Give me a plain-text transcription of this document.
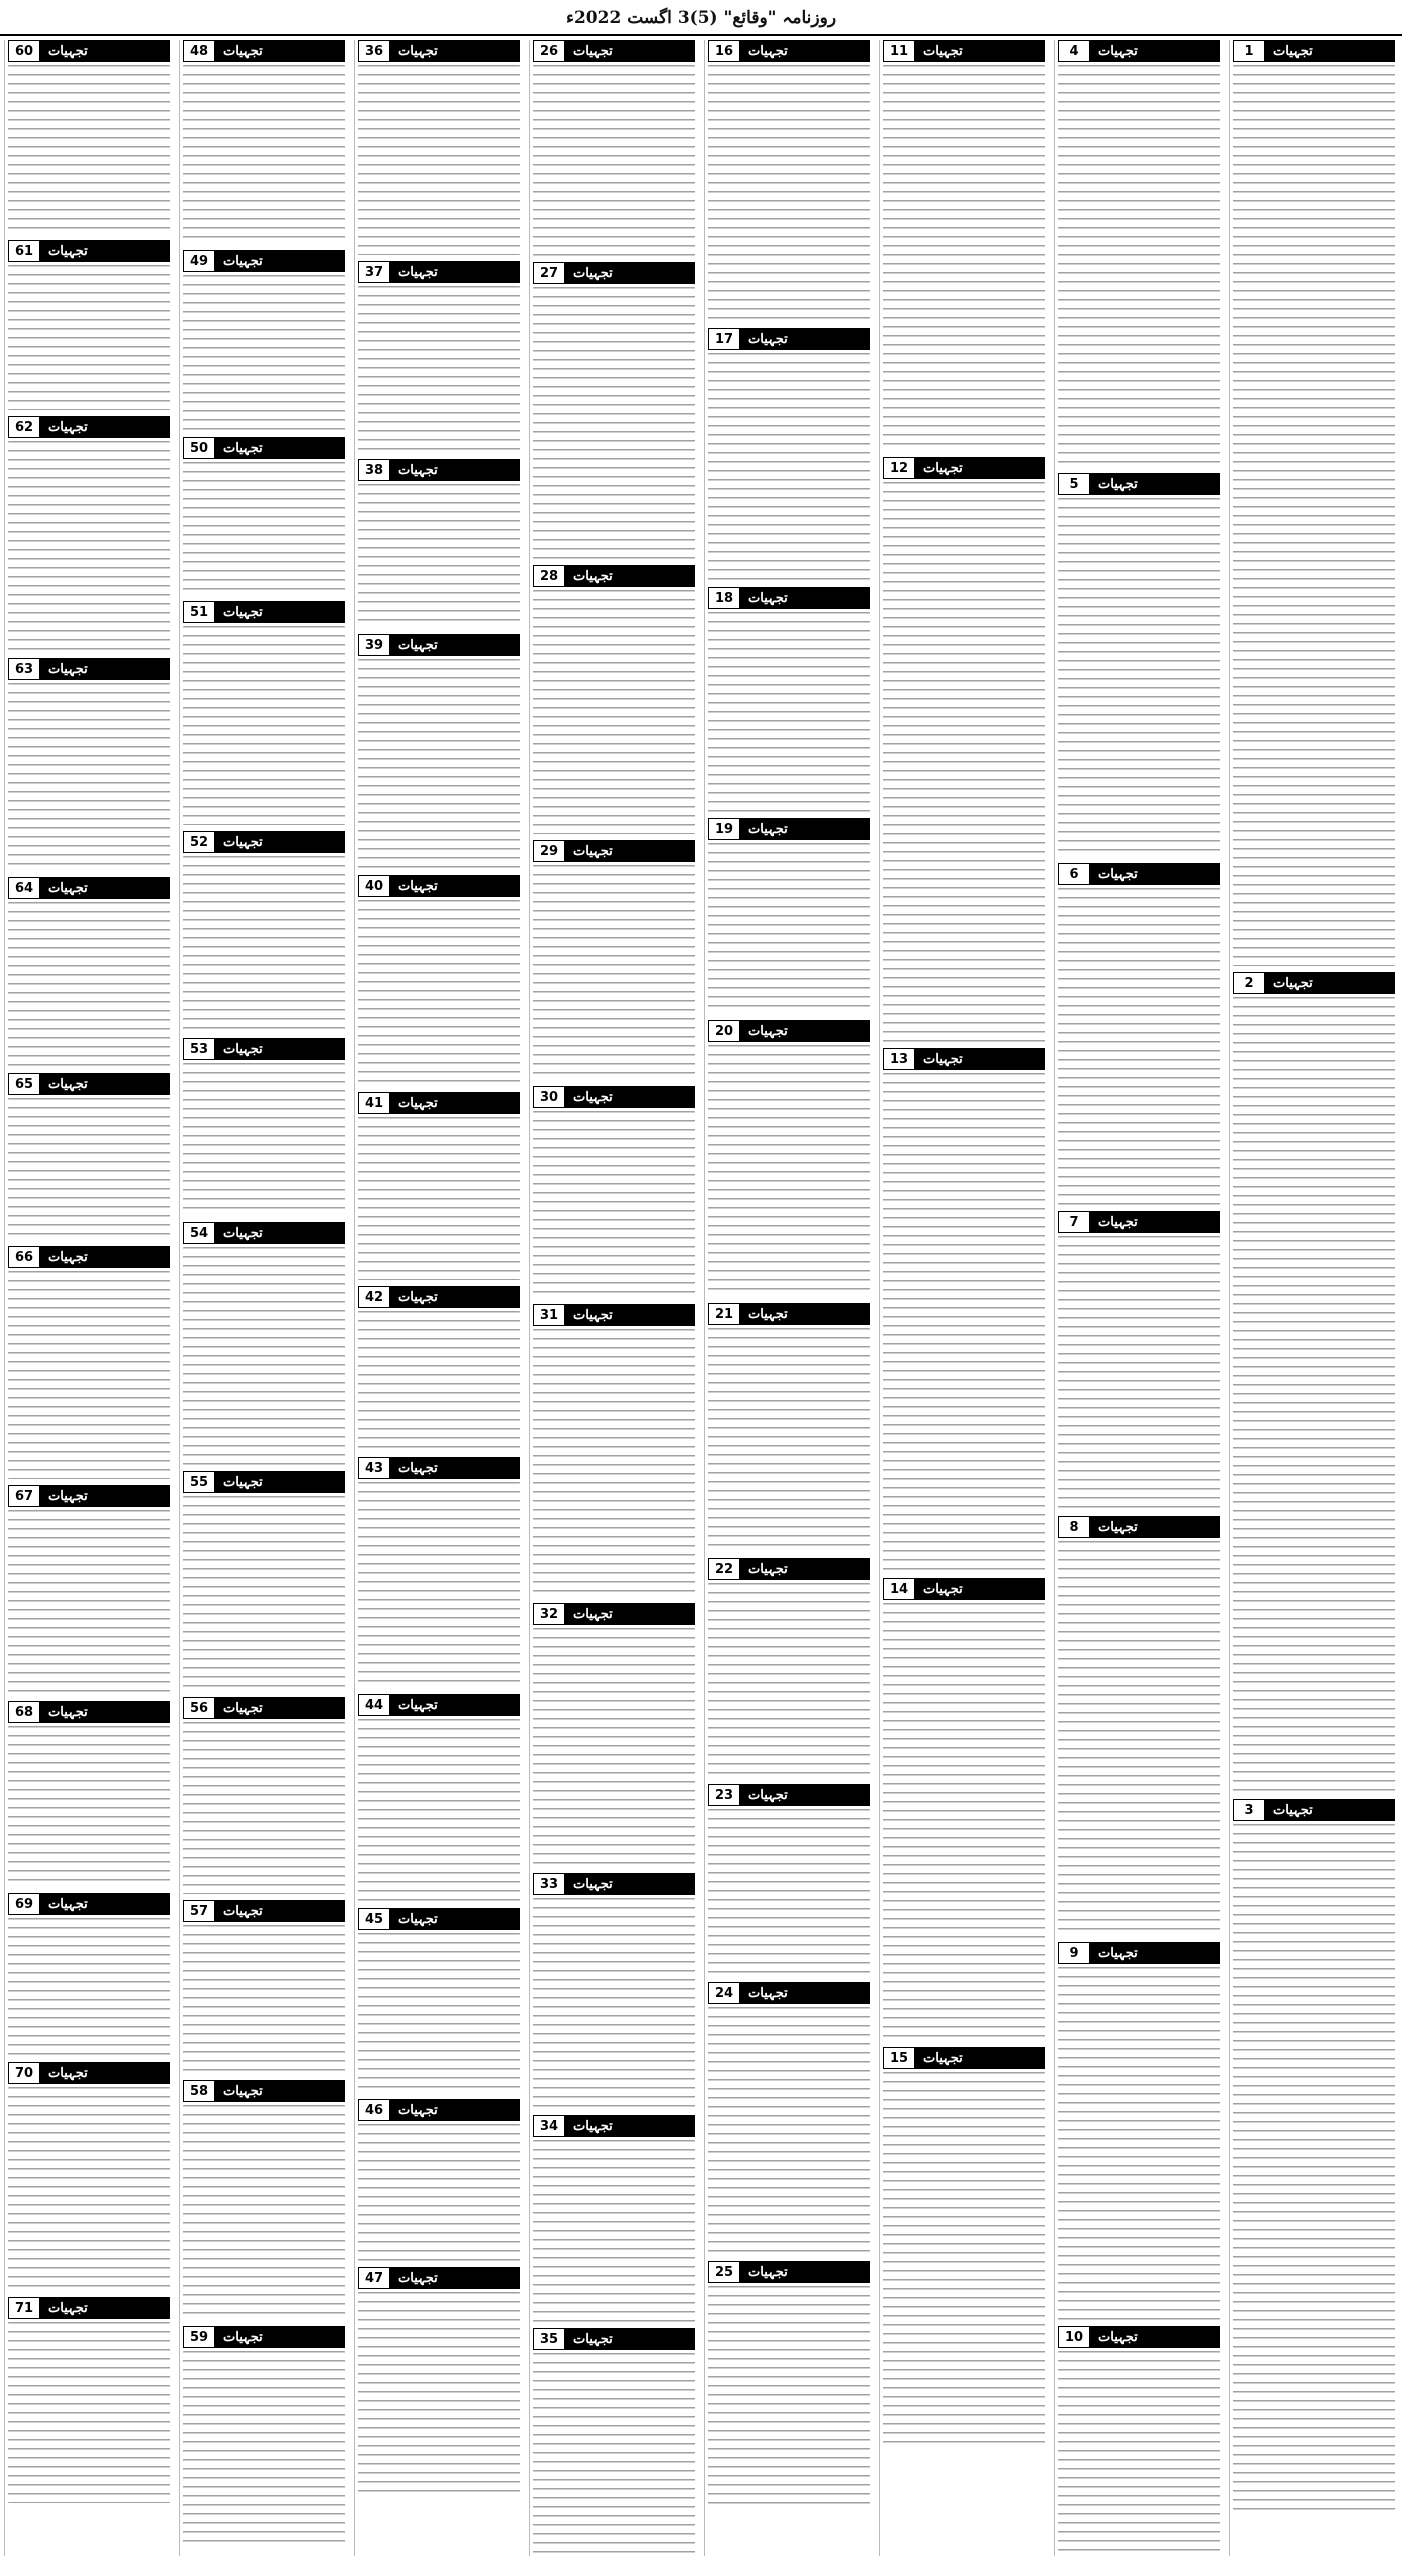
روزنامہ "وقائع" (5)3 اگست 2022ء
1	تجہیات
2	تجہیات
3	تجہیات
4	تجہیات
5	تجہیات
6	تجہیات
7	تجہیات
8	تجہیات
9	تجہیات
10	تجہیات
11	تجہیات
12	تجہیات
13	تجہیات
14	تجہیات
15	تجہیات
16	تجہیات
17	تجہیات
18	تجہیات
19	تجہیات
20	تجہیات
21	تجہیات
22	تجہیات
23	تجہیات
24	تجہیات
25	تجہیات
26	تجہیات
27	تجہیات
28	تجہیات
29	تجہیات
30	تجہیات
31	تجہیات
32	تجہیات
33	تجہیات
34	تجہیات
35	تجہیات
36	تجہیات
37	تجہیات
38	تجہیات
39	تجہیات
40	تجہیات
41	تجہیات
42	تجہیات
43	تجہیات
44	تجہیات
45	تجہیات
46	تجہیات
47	تجہیات
48	تجہیات
49	تجہیات
50	تجہیات
51	تجہیات
52	تجہیات
53	تجہیات
54	تجہیات
55	تجہیات
56	تجہیات
57	تجہیات
58	تجہیات
59	تجہیات
60	تجہیات
61	تجہیات
62	تجہیات
63	تجہیات
64	تجہیات
65	تجہیات
66	تجہیات
67	تجہیات
68	تجہیات
69	تجہیات
70	تجہیات
71	تجہیات
